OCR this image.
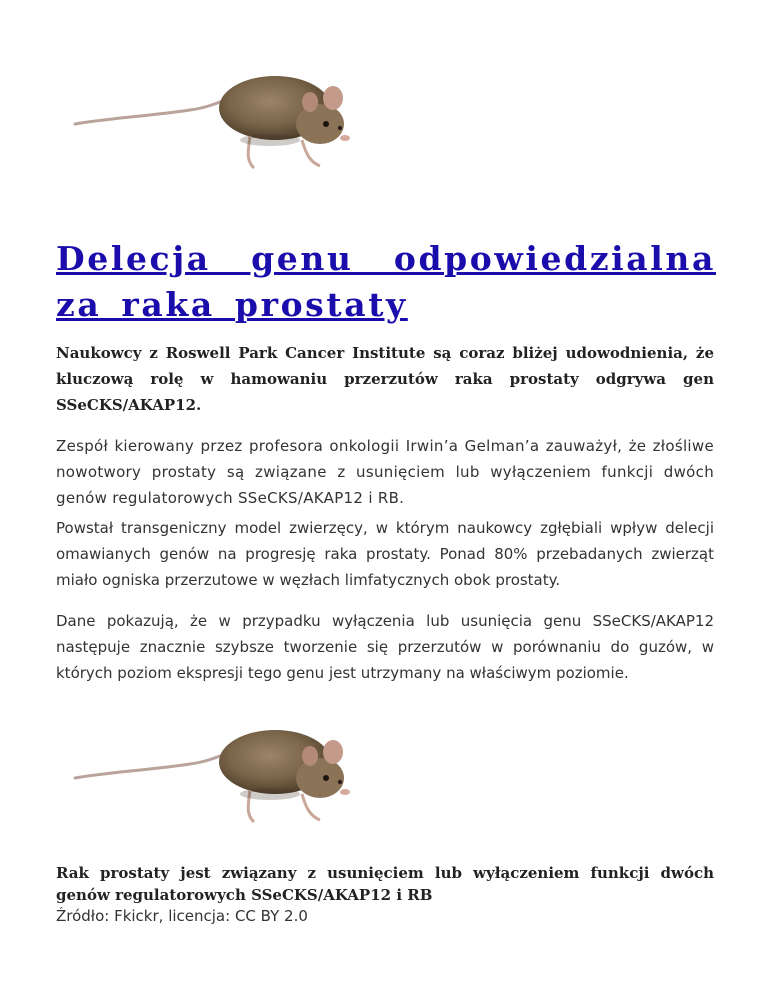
Delecja genu odpowiedzialna za raka prostaty

Naukowcy z Roswell Park Cancer Institute są coraz bliżej udowodnienia, że kluczową rolę w hamowaniu przerzutów raka prostaty odgrywa gen SSeCKS/AKAP12.

Zespół kierowany przez profesora onkologii Irwin’a Gelman’a zauważył, że złośliwe nowotwory prostaty są związane z usunięciem lub wyłączeniem funkcji dwóch genów regulatorowych SSeCKS/AKAP12 i RB.

Powstał transgeniczny model zwierzęcy, w którym naukowcy zgłębiali wpływ delecji omawianych genów na progresję raka prostaty. Ponad 80% przebadanych zwierząt miało ogniska przerzutowe w węzłach limfatycznych obok prostaty.

Dane pokazują, że w przypadku wyłączenia lub usunięcia genu SSeCKS/AKAP12 następuje znacznie szybsze tworzenie się przerzutów w porównaniu do guzów, w których poziom ekspresji tego genu jest utrzymany na właściwym poziomie.

Rak prostaty jest związany z usunięciem lub wyłączeniem funkcji dwóch genów regulatorowych SSeCKS/AKAP12 i RB

Źródło: Fkickr, licencja: CC BY 2.0
